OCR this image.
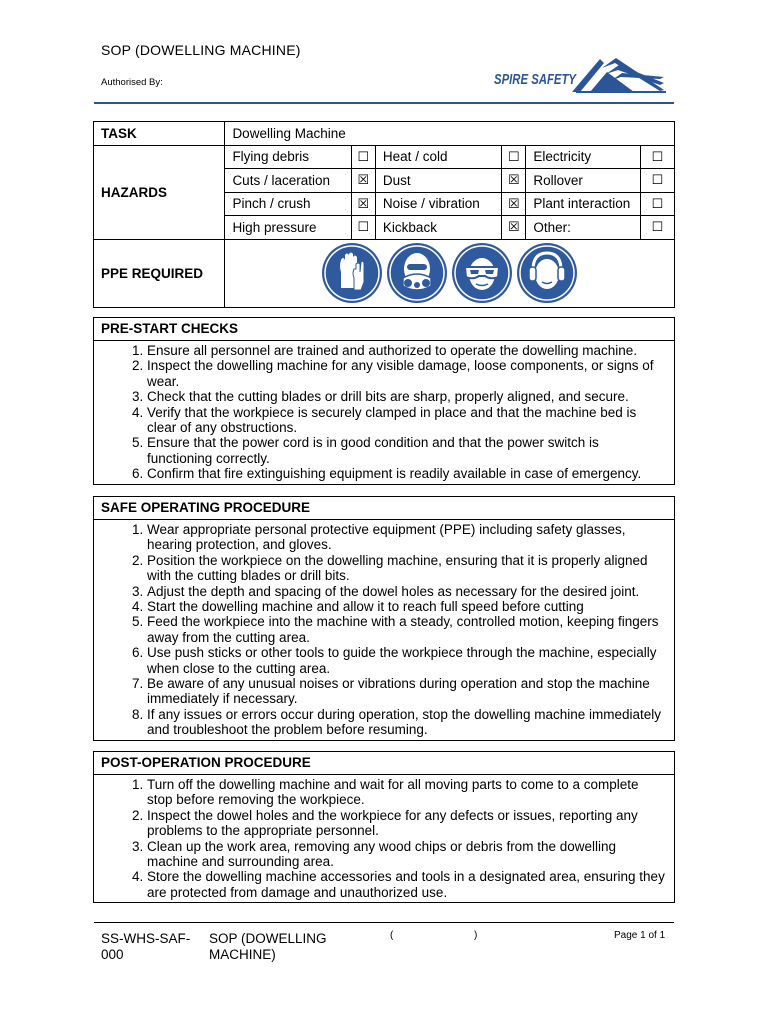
SOP (DOWELLING MACHINE)
Authorised By:	SPIRE SAFETY
TASK	Dowelling Machine					
HAZARDS	Flying debris	☐	Heat / cold	☐	Electricity	☐
	Cuts / laceration	☒	Dust	☒	Rollover	☐
	Pinch / crush	☒	Noise / vibration	☒	Plant interaction	☐
	High pressure	☐	Kickback	☒	Other:	☐
PPE REQUIRED	
PRE-START CHECKS
1. Ensure all personnel are trained and authorized to operate the dowelling machine.
2. Inspect the dowelling machine for any visible damage, loose components, or signs of wear.
3. Check that the cutting blades or drill bits are sharp, properly aligned, and secure.
4. Verify that the workpiece is securely clamped in place and that the machine bed is clear of any obstructions.
5. Ensure that the power cord is in good condition and that the power switch is functioning correctly.
6. Confirm that fire extinguishing equipment is readily available in case of emergency.
SAFE OPERATING PROCEDURE
1. Wear appropriate personal protective equipment (PPE) including safety glasses, hearing protection, and gloves.
2. Position the workpiece on the dowelling machine, ensuring that it is properly aligned with the cutting blades or drill bits.
3. Adjust the depth and spacing of the dowel holes as necessary for the desired joint.
4. Start the dowelling machine and allow it to reach full speed before cutting
5. Feed the workpiece into the machine with a steady, controlled motion, keeping fingers away from the cutting area.
6. Use push sticks or other tools to guide the workpiece through the machine, especially when close to the cutting area.
7. Be aware of any unusual noises or vibrations during operation and stop the machine immediately if necessary.
8. If any issues or errors occur during operation, stop the dowelling machine immediately and troubleshoot the problem before resuming.
POST-OPERATION PROCEDURE
1. Turn off the dowelling machine and wait for all moving parts to come to a complete stop before removing the workpiece.
2. Inspect the dowel holes and the workpiece for any defects or issues, reporting any problems to the appropriate personnel.
3. Clean up the work area, removing any wood chips or debris from the dowelling machine and surrounding area.
4. Store the dowelling machine accessories and tools in a designated area, ensuring they are protected from damage and unauthorized use.
SS-WHS-SAF-000
SOP (DOWELLING MACHINE)
(	)	Page 1 of 1
